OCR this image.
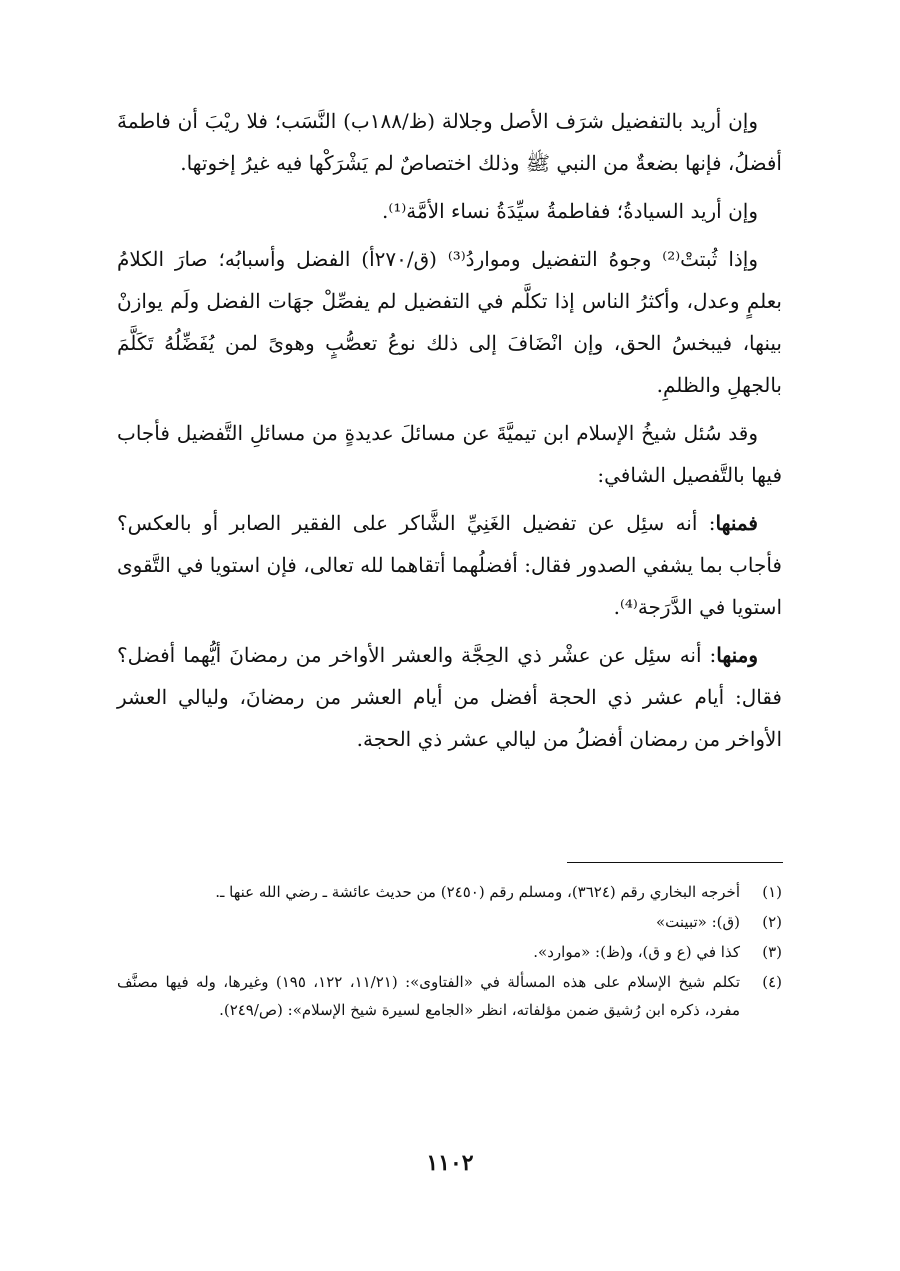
وإن أريد بالتفضيل شرَف الأصل وجلالة (ظ/١٨٨ب) النَّسَب؛ فلا ريْبَ أن فاطمةَ أفضلُ، فإنها بضعةٌ من النبي ﷺ وذلك اختصاصٌ لم يَشْرَكْها فيه غيرُ إخوتها.

وإن أريد السيادةُ؛ ففاطمةُ سيِّدَةُ نساء الأمَّة⁽¹⁾.

وإذا ثُبتتْ⁽²⁾ وجوهُ التفضيل ومواردُ⁽³⁾ (ق/٢٧٠أ) الفضل وأسبابُه؛ صارَ الكلامُ بعلمٍ وعدل، وأكثرُ الناس إذا تكلَّم في التفضيل لم يفصِّلْ جهَات الفضل ولَم يوازنْ بينها، فيبخسُ الحق، وإن انْضَافَ إلى ذلك نوعُ تعصُّبٍ وهوىً لمن يُفَضِّلُهُ تَكَلَّمَ بالجهلِ والظلمِ.

وقد سُئل شيخُ الإسلام ابن تيميَّةَ عن مسائلَ عديدةٍ من مسائلِ التَّفضيل فأجاب فيها بالتَّفصيل الشافي:

فمنها: أنه سئِل عن تفضيل الغَنِيِّ الشَّاكر على الفقير الصابر أو بالعكس؟ فأجاب بما يشفي الصدور فقال: أفضلُهما أتقاهما لله تعالى، فإن استويا في التَّقوى استويا في الدَّرَجة⁽⁴⁾.

ومنها: أنه سئِل عن عشْر ذي الحِجَّة والعشر الأواخر من رمضانَ أيُّهما أفضل؟ فقال: أيام عشر ذي الحجة أفضل من أيام العشر من رمضانَ، وليالي العشر الأواخر من رمضان أفضلُ من ليالي عشر ذي الحجة.

(١)
أخرجه البخاري رقم (٣٦٢٤)، ومسلم رقم (٢٤٥٠) من حديث عائشة ـ رضي الله عنها ـ.
(٢)
(ق): «تبينت»
(٣)
كذا في (ع و ق)، و(ظ): «موارد».
(٤)
تكلم شيخ الإسلام على هذه المسألة في «الفتاوى»: (١١/٢١، ١٢٢، ١٩٥) وغيرها، وله فيها مصنَّف مفرد، ذكره ابن رُشيق ضمن مؤلفاته، انظر «الجامع لسيرة شيخ الإسلام»: (ص/٢٤٩).
١١٠٢
